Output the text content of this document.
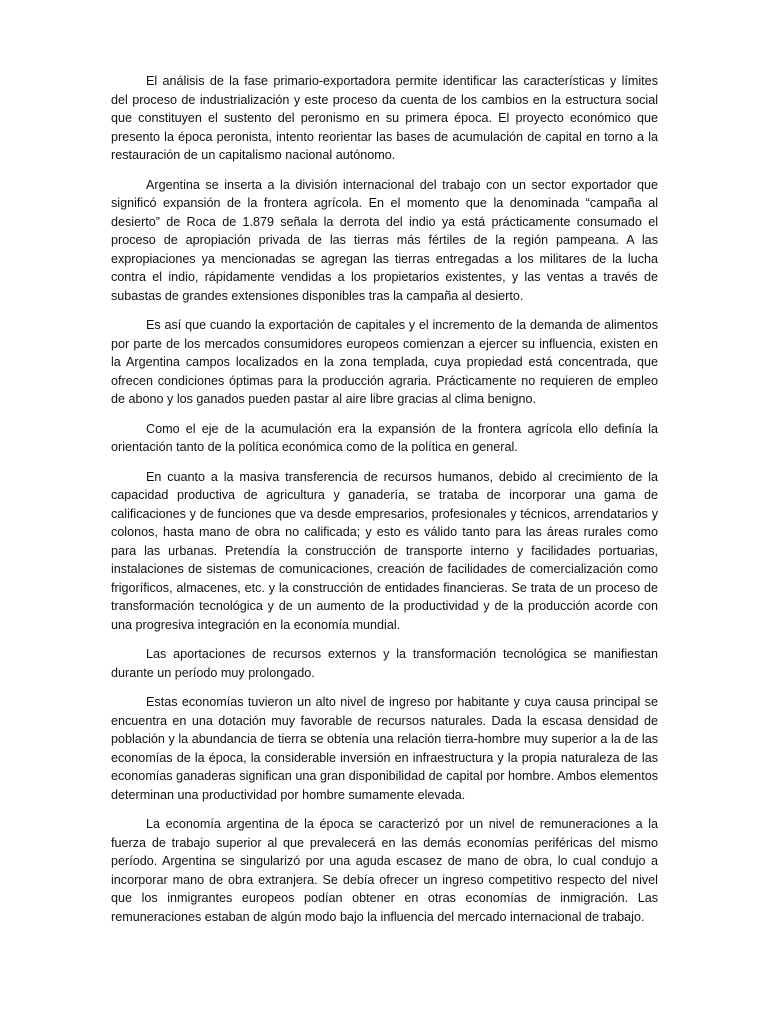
El análisis de la fase primario-exportadora permite identificar las características y límites del proceso de industrialización y este proceso da cuenta de los cambios en la estructura social que constituyen el sustento del peronismo en su primera época. El proyecto económico que presento la época peronista, intento reorientar las bases de acumulación de capital en torno a la restauración de un capitalismo nacional autónomo.

Argentina se inserta a la división internacional del trabajo con un sector exportador que significó expansión de la frontera agrícola. En el momento que la denominada “campaña al desierto” de Roca de 1.879 señala la derrota del indio ya está prácticamente consumado el proceso de apropiación privada de las tierras más fértiles de la región pampeana. A las expropiaciones ya mencionadas se agregan las tierras entregadas a los militares de la lucha contra el indio, rápidamente vendidas a los propietarios existentes, y las ventas a través de subastas de grandes extensiones disponibles tras la campaña al desierto.

Es así que cuando la exportación de capitales y el incremento de la demanda de alimentos por parte de los mercados consumidores europeos comienzan a ejercer su influencia, existen en la Argentina campos localizados en la zona templada, cuya propiedad está concentrada, que ofrecen condiciones óptimas para la producción agraria. Prácticamente no requieren de empleo de abono y los ganados pueden pastar al aire libre gracias al clima benigno.

Como el eje de la acumulación era la expansión de la frontera agrícola ello definía la orientación tanto de la política económica como de la política en general.

En cuanto a la masiva transferencia de recursos humanos, debido al crecimiento de la capacidad productiva de agricultura y ganadería, se trataba de incorporar una gama de calificaciones y de funciones que va desde empresarios, profesionales y técnicos, arrendatarios y colonos, hasta mano de obra no calificada; y esto es válido tanto para las áreas rurales como para las urbanas. Pretendía la construcción de transporte interno y facilidades portuarias, instalaciones de sistemas de comunicaciones, creación de facilidades de comercialización como frigoríficos, almacenes, etc. y la construcción de entidades financieras. Se trata de un proceso de transformación tecnológica y de un aumento de la productividad y de la producción acorde con una progresiva integración en la economía mundial.

Las aportaciones de recursos externos y la transformación tecnológica se manifiestan durante un período muy prolongado.

Estas economías tuvieron un alto nivel de ingreso por habitante y cuya causa principal se encuentra en una dotación muy favorable de recursos naturales. Dada la escasa densidad de población y la abundancia de tierra se obtenía una relación tierra-hombre muy superior a la de las economías de la época, la considerable inversión en infraestructura y la propia naturaleza de las economías ganaderas significan una gran disponibilidad de capital por hombre. Ambos elementos determinan una productividad por hombre sumamente elevada.

La economía argentina de la época se caracterizó por un nivel de remuneraciones a la fuerza de trabajo superior al que prevalecerá en las demás economías periféricas del mismo período. Argentina se singularizó por una aguda escasez de mano de obra, lo cual condujo a incorporar mano de obra extranjera. Se debía ofrecer un ingreso competitivo respecto del nivel que los inmigrantes europeos podían obtener en otras economías de inmigración. Las remuneraciones estaban de algún modo bajo la influencia del mercado internacional de trabajo.
